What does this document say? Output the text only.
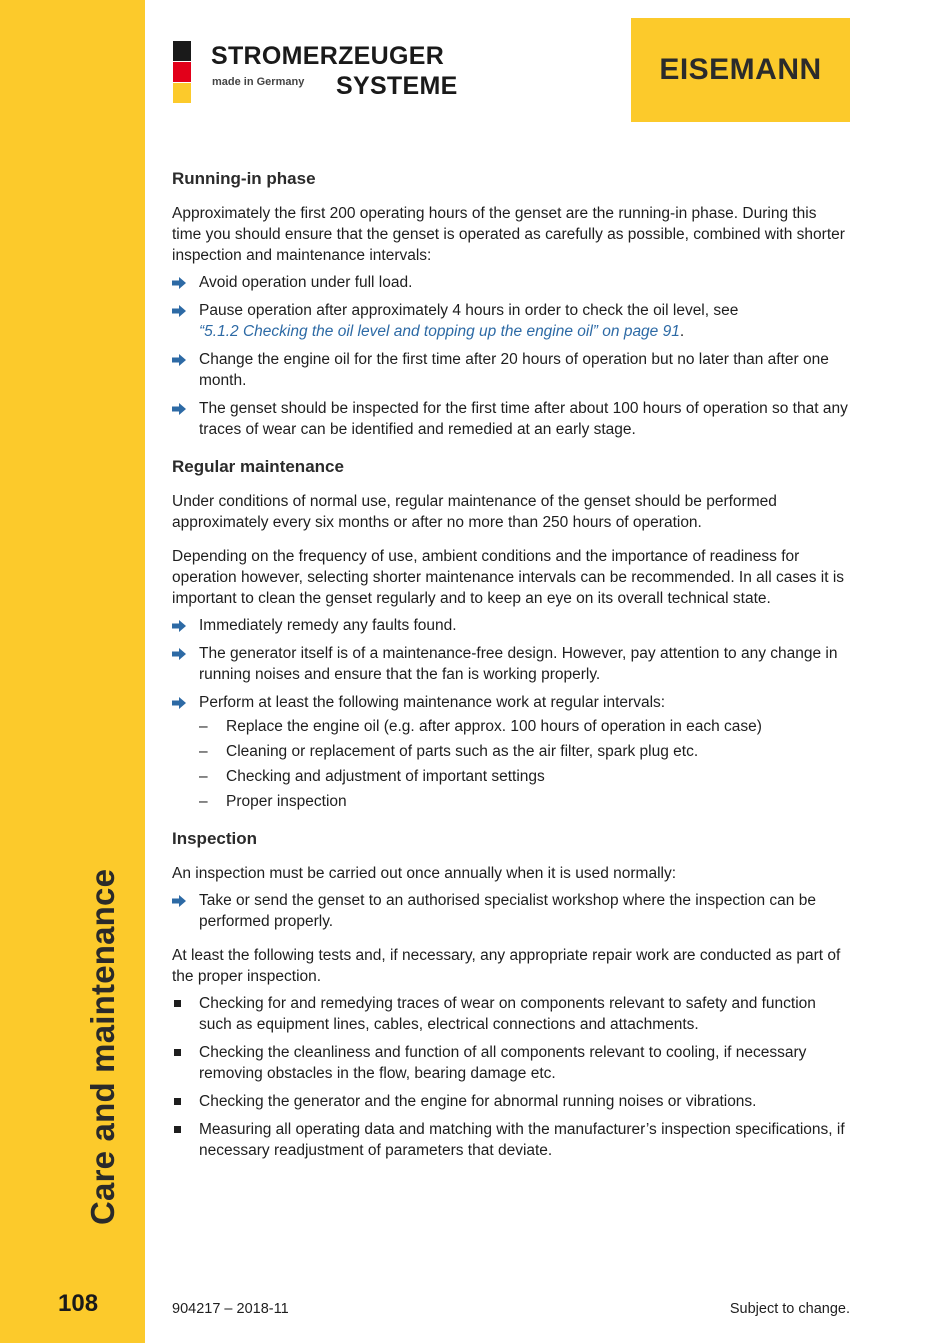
Care and maintenance
108
STROMERZEUGER
made in Germany SYSTEME	EISEMANN
Running-in phase

Approximately the first 200 operating hours of the genset are the running-in phase. During this time you should ensure that the genset is operated as carefully as possible, combined with shorter inspection and maintenance intervals:

Avoid operation under full load.
Pause operation after approximately 4 hours in order to check the oil level, see
“5.1.2 Checking the oil level and topping up the engine oil” on page 91.
Change the engine oil for the first time after 20 hours of operation but no later than after one month.
The genset should be inspected for the first time after about 100 hours of operation so that any traces of wear can be identified and remedied at an early stage.
Regular maintenance

Under conditions of normal use, regular maintenance of the genset should be performed approximately every six months or after no more than 250 hours of operation.

Depending on the frequency of use, ambient conditions and the importance of readiness for operation however, selecting shorter maintenance intervals can be recommended. In all cases it is important to clean the genset regularly and to keep an eye on its overall technical state.

Immediately remedy any faults found.
The generator itself is of a maintenance-free design. However, pay attention to any change in running noises and ensure that the fan is working properly.
Perform at least the following maintenance work at regular intervals:
– Replace the engine oil (e.g. after approx. 100 hours of operation in each case)
– Cleaning or replacement of parts such as the air filter, spark plug etc.
– Checking and adjustment of important settings
– Proper inspection
Inspection

An inspection must be carried out once annually when it is used normally:

Take or send the genset to an authorised specialist workshop where the inspection can be performed properly.

At least the following tests and, if necessary, any appropriate repair work are conducted as part of the proper inspection.

Checking for and remedying traces of wear on components relevant to safety and function such as equipment lines, cables, electrical connections and attachments.
Checking the cleanliness and function of all components relevant to cooling, if necessary removing obstacles in the flow, bearing damage etc.
Checking the generator and the engine for abnormal running noises or vibrations.
Measuring all operating data and matching with the manufacturer’s inspection specifications, if necessary readjustment of parameters that deviate.
904217 – 2018-11	Subject to change.
